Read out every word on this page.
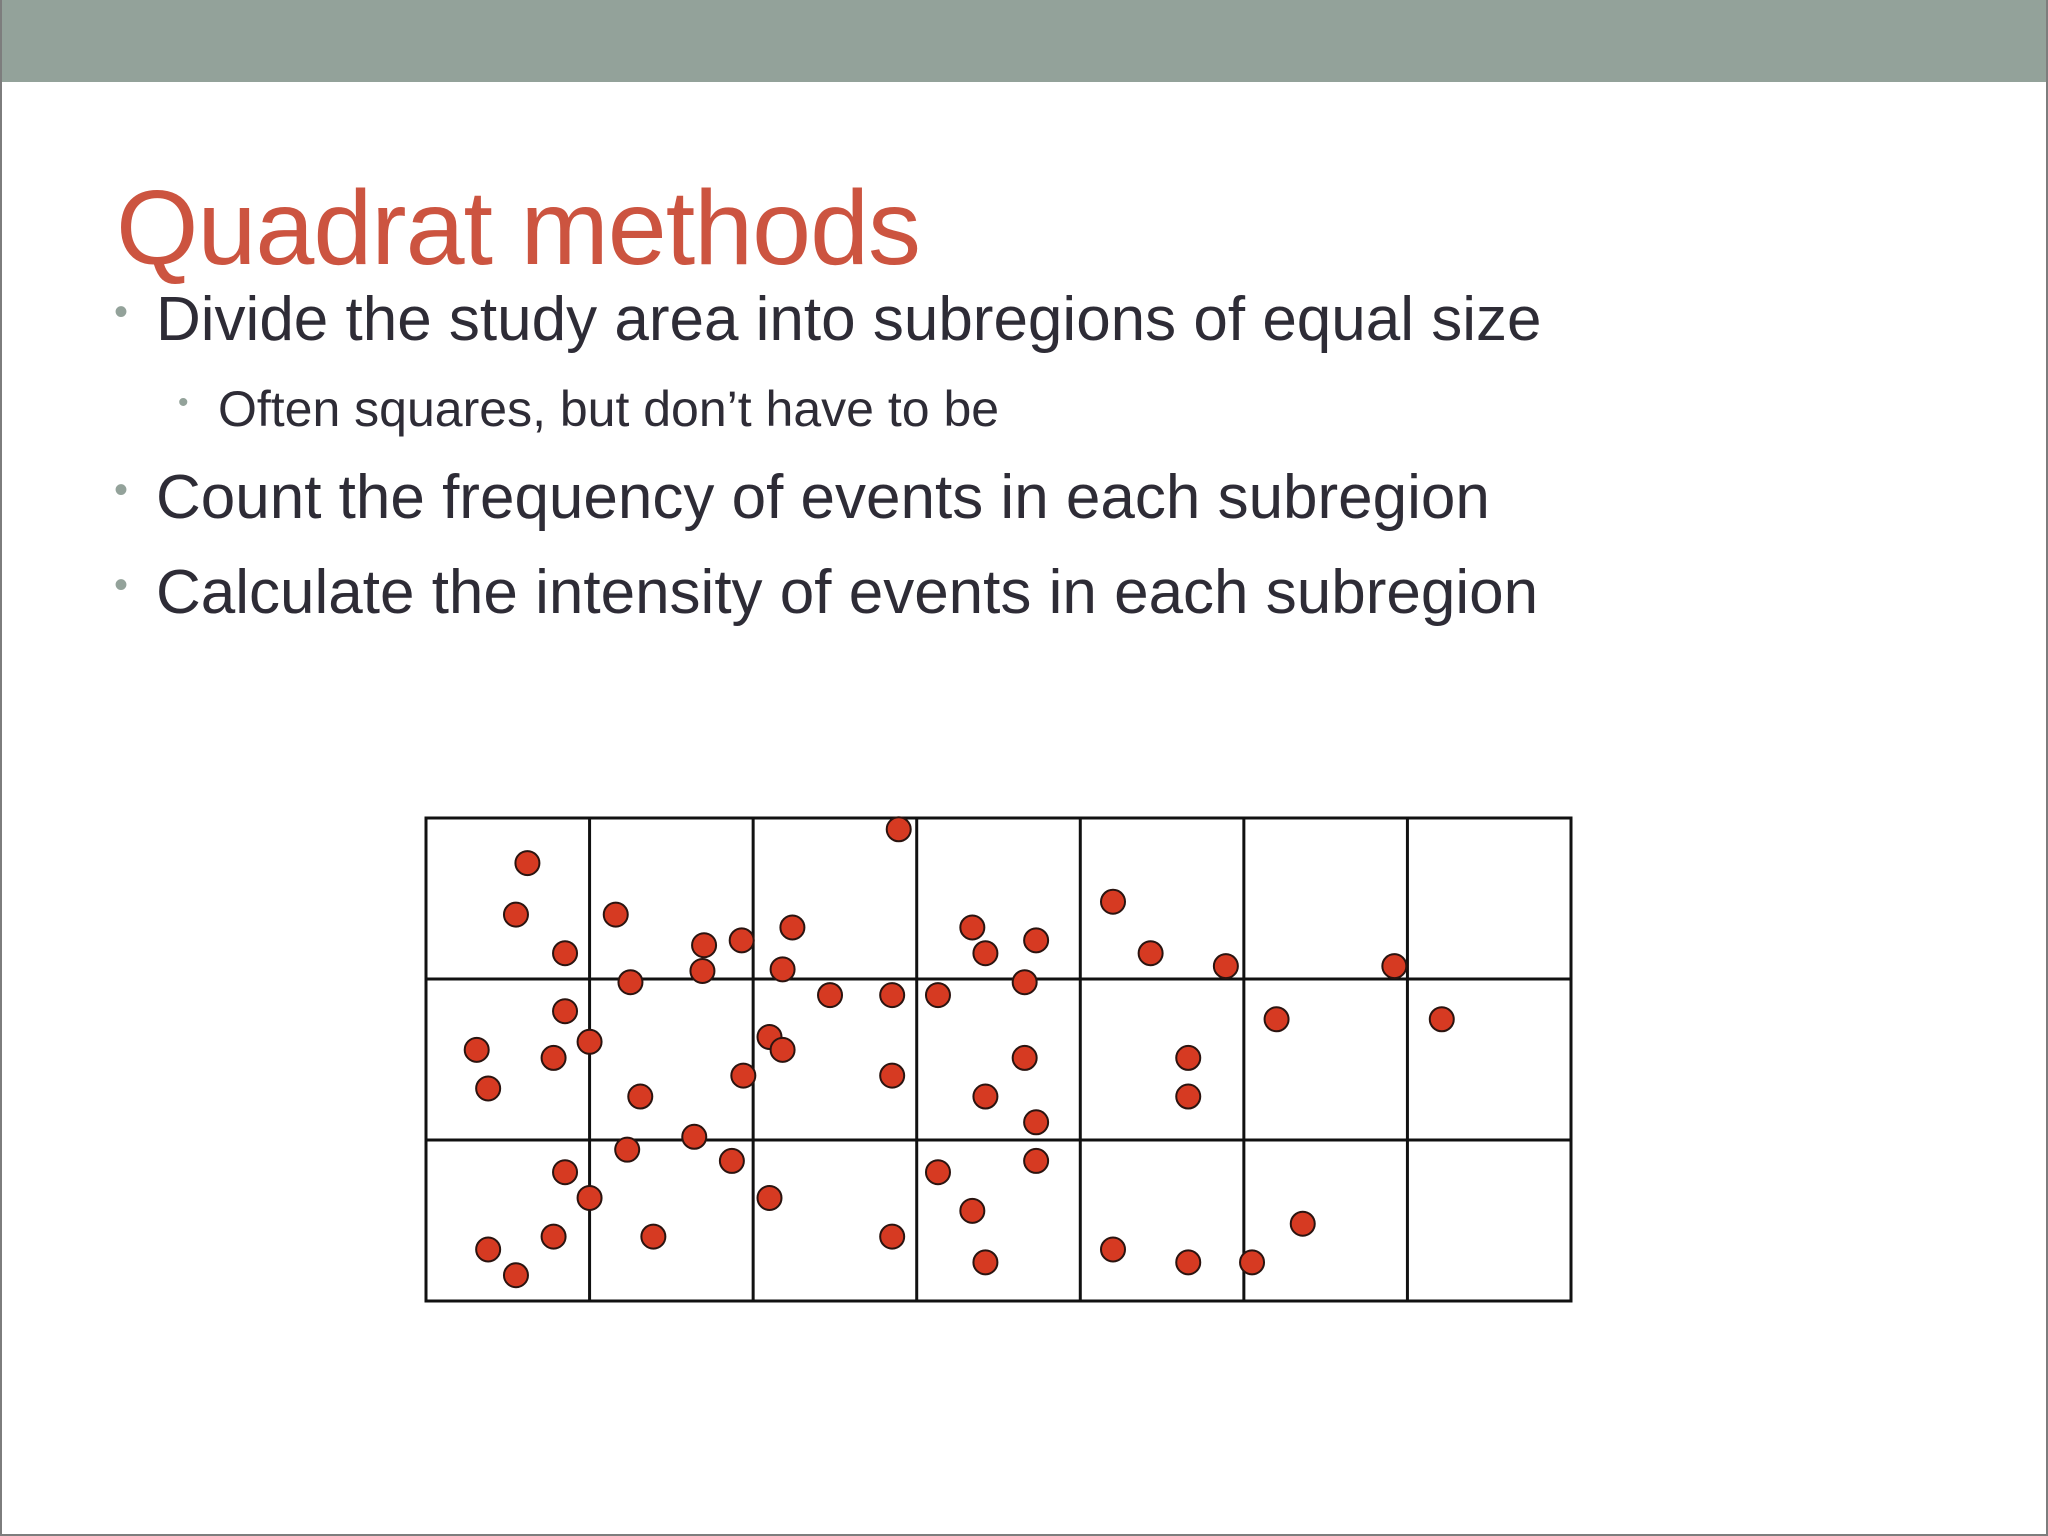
Quadrat methods
• Divide the study area into subregions of equal size
• Often squares, but don’t have to be
• Count the frequency of events in each subregion
• Calculate the intensity of events in each subregion
